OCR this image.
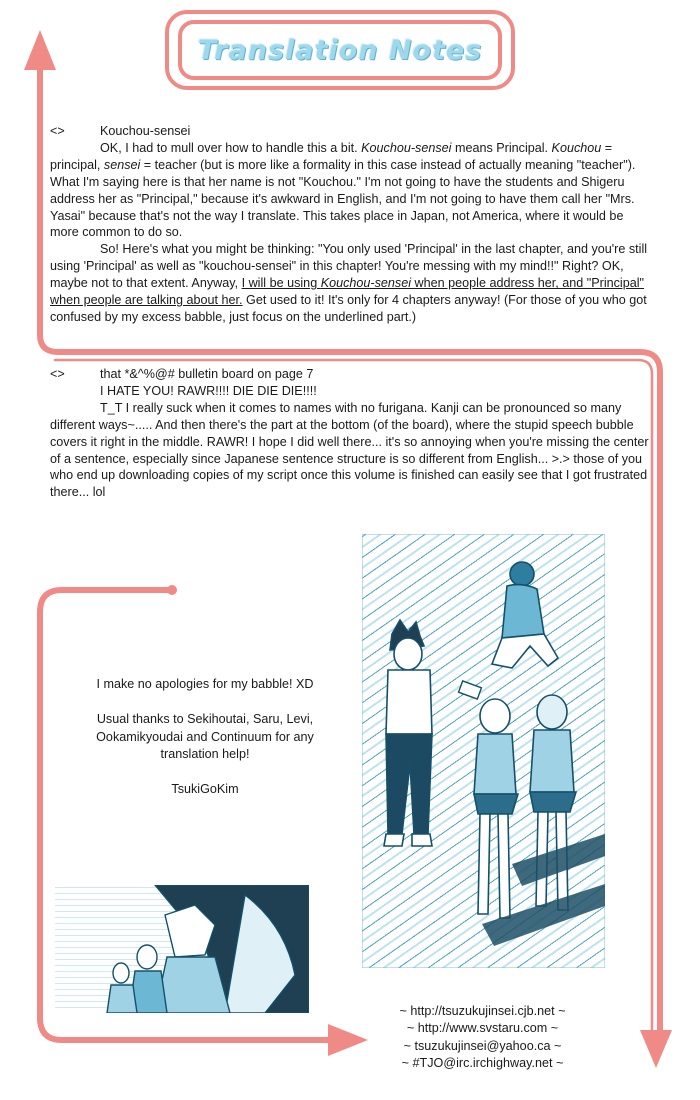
Translation Notes

<>	Kouchou-sensei

OK, I had to mull over how to handle this a bit. Kouchou-sensei means Principal. Kouchou = principal, sensei = teacher (but is more like a formality in this case instead of actually meaning "teacher"). What I'm saying here is that her name is not "Kouchou." I'm not going to have the students and Shigeru address her as "Principal," because it's awkward in English, and I'm not going to have them call her "Mrs. Yasai" because that's not the way I translate. This takes place in Japan, not America, where it would be more common to do so.

So! Here's what you might be thinking: "You only used 'Principal' in the last chapter, and you're still using 'Principal' as well as "kouchou-sensei" in this chapter! You're messing with my mind!!" Right? OK, maybe not to that extent. Anyway, I will be using Kouchou-sensei when people address her, and "Principal" when people are talking about her. Get used to it! It's only for 4 chapters anyway! (For those of you who got confused by my excess babble, just focus on the underlined part.)

<>	that *&^%@# bulletin board on page 7

I HATE YOU! RAWR!!!! DIE DIE DIE!!!!

T_T I really suck when it comes to names with no furigana. Kanji can be pronounced so many different ways~..... And then there's the part at the bottom (of the board), where the stupid speech bubble covers it right in the middle. RAWR! I hope I did well there... it's so annoying when you're missing the center of a sentence, especially since Japanese sentence structure is so different from English... >.> those of you who end up downloading copies of my script once this volume is finished can easily see that I got frustrated there... lol

I make no apologies for my babble! XD

Usual thanks to Sekihoutai, Saru, Levi, Ookamikyoudai and Continuum for any translation help!

TsukiGoKim

~ http://tsuzukujinsei.cjb.net ~
~ http://www.svstaru.com ~
~ tsuzukujinsei@yahoo.ca ~
~ #TJO@irc.irchighway.net ~
